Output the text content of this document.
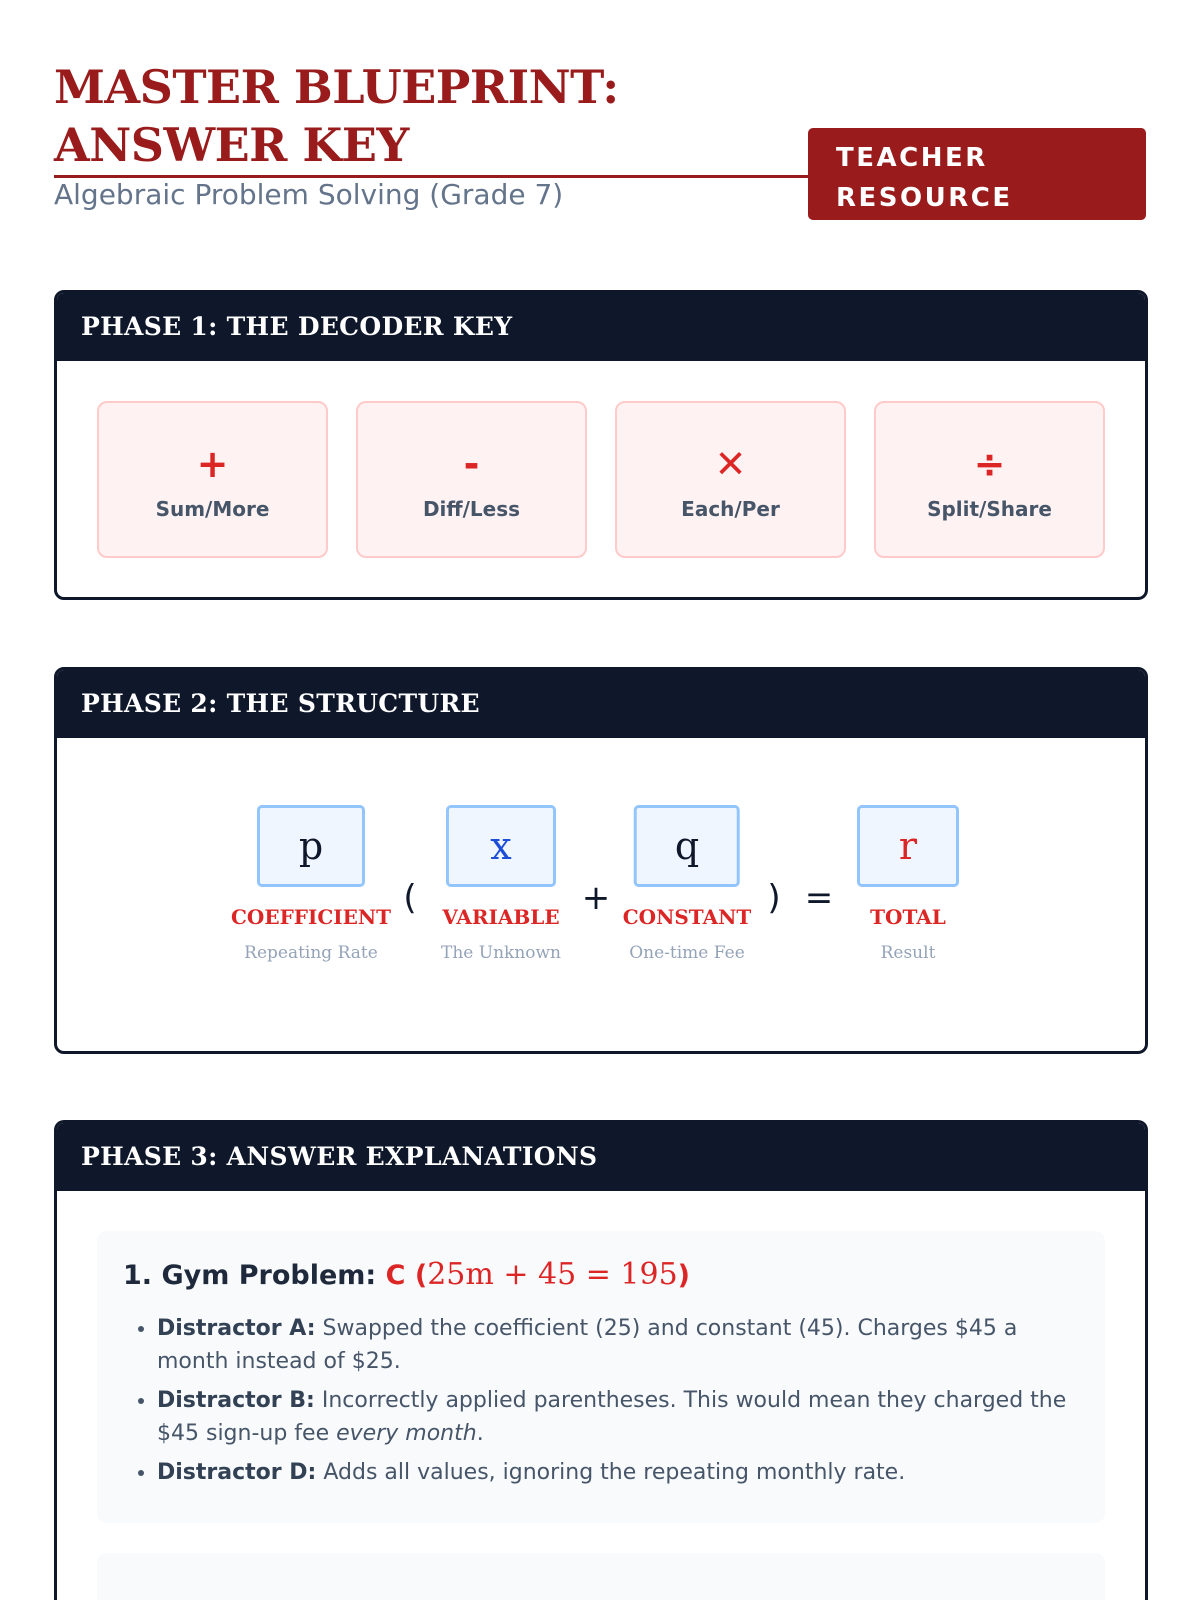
MASTER BLUEPRINT: ANSWER KEY
Algebraic Problem Solving (Grade 7)
TEACHER RESOURCE
PHASE 1: THE DECODER KEY
+
Sum/More
-
Diff/Less
✕
Each/Per
÷
Split/Share
PHASE 2: THE STRUCTURE
p
COEFFICIENT
Repeating Rate
(
x
VARIABLE
The Unknown
+
q
CONSTANT
One-time Fee
) =
r
TOTAL
Result
PHASE 3: ANSWER EXPLANATIONS
1. Gym Problem: C (25m + 45 = 195)
• Distractor A: Swapped the coefficient (25) and constant (45). Charges $45 a month instead of $25.
• Distractor B: Incorrectly applied parentheses. This would mean they charged the $45 sign-up fee every month.
• Distractor D: Adds all values, ignoring the repeating monthly rate.
